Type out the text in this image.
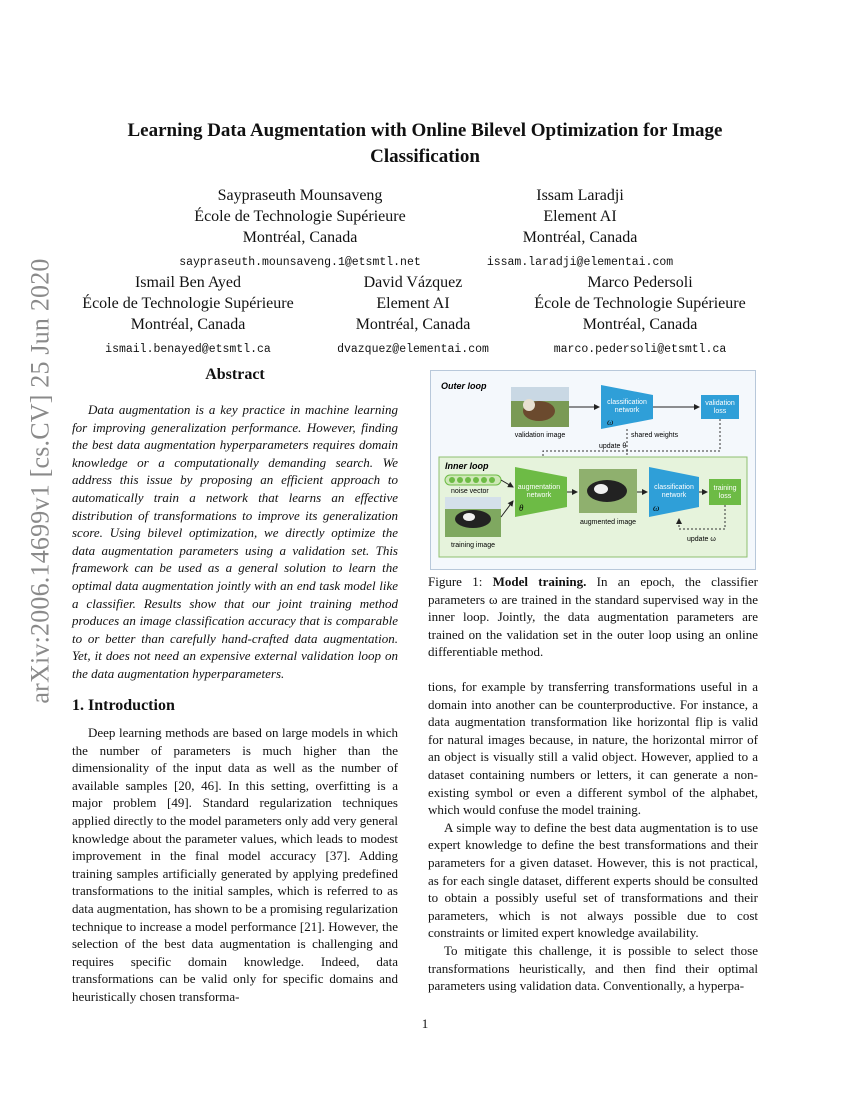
arXiv:2006.14699v1 [cs.CV] 25 Jun 2020
Learning Data Augmentation with Online Bilevel Optimization for Image Classification
Saypraseuth Mounsaveng
École de Technologie Supérieure
Montréal, Canada
saypraseuth.mounsaveng.1@etsmtl.net
Issam Laradji
Element AI
Montréal, Canada
issam.laradji@elementai.com
Ismail Ben Ayed
École de Technologie Supérieure
Montréal, Canada
ismail.benayed@etsmtl.ca
David Vázquez
Element AI
Montréal, Canada
dvazquez@elementai.com
Marco Pedersoli
École de Technologie Supérieure
Montréal, Canada
marco.pedersoli@etsmtl.ca
Abstract

Data augmentation is a key practice in machine learning for improving generalization performance. However, finding the best data augmentation hyperparameters requires domain knowledge or a computationally demanding search. We address this issue by proposing an efficient approach to automatically train a network that learns an effective distribution of transformations to improve its generalization score. Using bilevel optimization, we directly optimize the data augmentation parameters using a validation set. This framework can be used as a general solution to learn the optimal data augmentation jointly with an end task model like a classifier. Results show that our joint training method produces an image classification accuracy that is comparable to or better than carefully hand-crafted data augmentation. Yet, it does not need an expensive external validation loop on the data augmentation hyperparameters.

1. Introduction

Deep learning methods are based on large models in which the number of parameters is much higher than the dimensionality of the input data as well as the number of available samples [20, 46]. In this setting, overfitting is a major problem [49]. Standard regularization techniques applied directly to the model parameters only add very general knowledge about the parameter values, which leads to modest improvement in the final model accuracy [37]. Adding training samples artificially generated by applying predefined transformations to the initial samples, which is referred to as data augmentation, has shown to be a promising regularization technique to increase a model performance [21]. However, the selection of the best data augmentation is challenging and requires specific domain knowledge. Indeed, data transformations can be valid only for specific domains and heuristically chosen transforma-

Outer loop
validation image
classification
network
ω
validation
loss
shared weights
update θ
Inner loop
noise vector
training image
augmentation
network
θ
augmented image
classification
network
ω
training
loss
update ω

Figure 1: Model training. In an epoch, the classifier parameters ω are trained in the standard supervised way in the inner loop. Jointly, the data augmentation parameters are trained on the validation set in the outer loop using an online differentiable method.

tions, for example by transferring transformations useful in a domain into another can be counterproductive. For instance, a data augmentation transformation like horizontal flip is valid for natural images because, in nature, the horizontal mirror of an object is visually still a valid object. However, applied to a dataset containing numbers or letters, it can generate a non-existing symbol or even a different symbol of the alphabet, which would confuse the model training.

A simple way to define the best data augmentation is to use expert knowledge to define the best transformations and their parameters for a given dataset. However, this is not practical, as for each single dataset, different experts should be consulted to obtain a possibly useful set of transformations and their parameters, which is not always possible due to cost constraints or limited expert knowledge availability.

To mitigate this challenge, it is possible to select those transformations heuristically, and then find their optimal parameters using validation data. Conventionally, a hyperpa-

1
